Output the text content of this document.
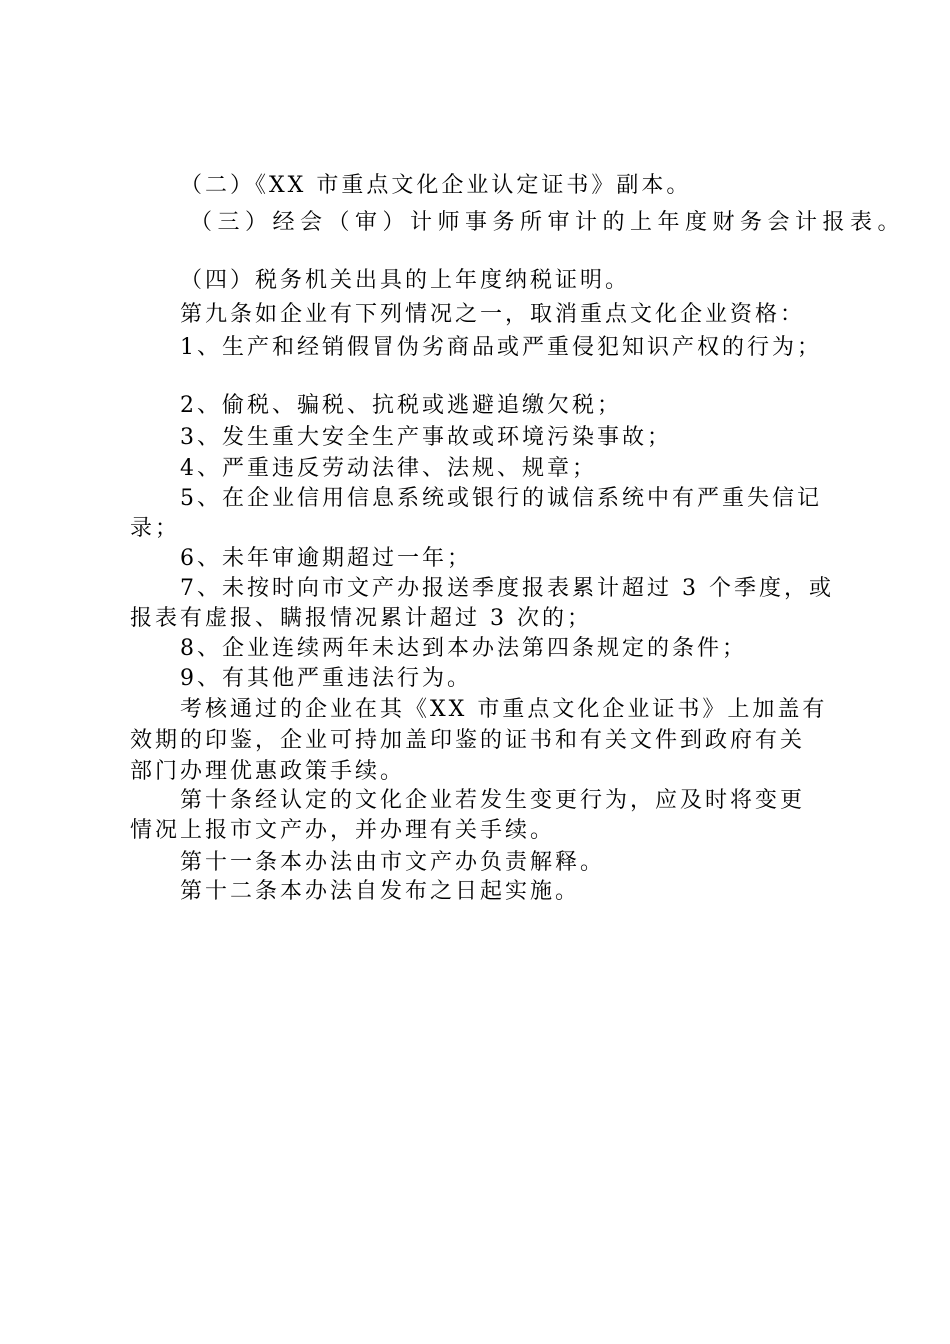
（二）《XX 市重点文化企业认定证书》副本。
（三）经会（审）计师事务所审计的上年度财务会计报表。
（四）税务机关出具的上年度纳税证明。
第九条如企业有下列情况之一，取消重点文化企业资格：
1、生产和经销假冒伪劣商品或严重侵犯知识产权的行为；
2、偷税、骗税、抗税或逃避追缴欠税；
3、发生重大安全生产事故或环境污染事故；
4、严重违反劳动法律、法规、规章；
5、在企业信用信息系统或银行的诚信系统中有严重失信记
录；
6、未年审逾期超过一年；
7、未按时向市文产办报送季度报表累计超过 3 个季度，或
报表有虚报、瞒报情况累计超过 3 次的；
8、企业连续两年未达到本办法第四条规定的条件；
9、有其他严重违法行为。
考核通过的企业在其《XX 市重点文化企业证书》上加盖有
效期的印鉴，企业可持加盖印鉴的证书和有关文件到政府有关
部门办理优惠政策手续。
第十条经认定的文化企业若发生变更行为，应及时将变更
情况上报市文产办，并办理有关手续。
第十一条本办法由市文产办负责解释。
第十二条本办法自发布之日起实施。
